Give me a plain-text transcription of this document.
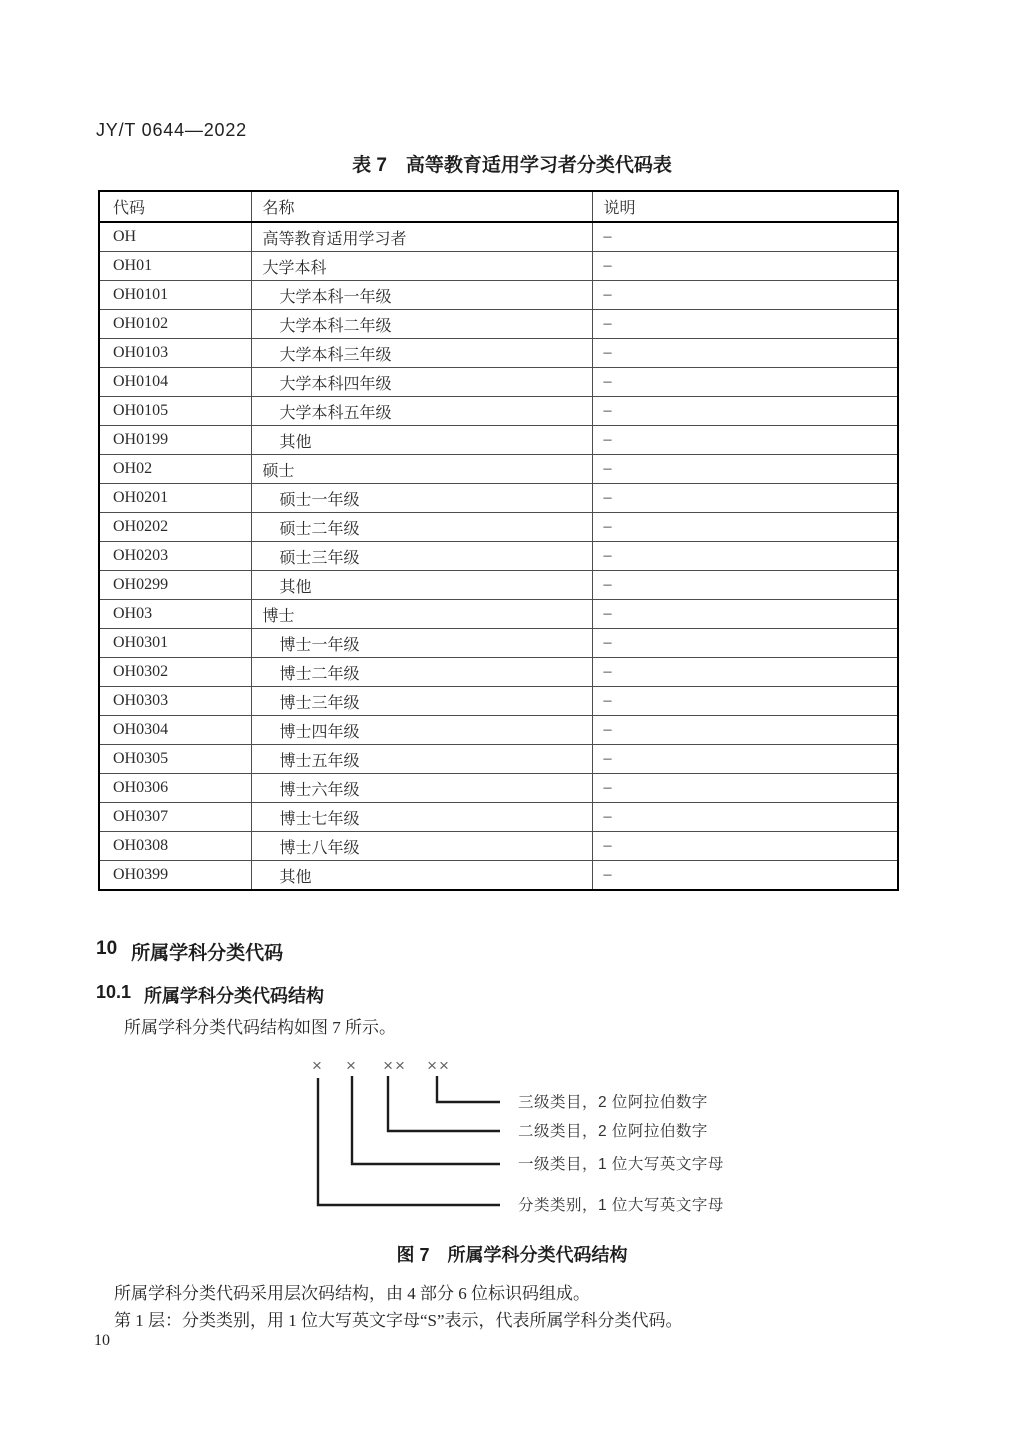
JY/T 0644—2022
表 7　高等教育适用学习者分类代码表
代码	名称	说明
OH	高等教育适用学习者	–
OH01	大学本科	–
OH0101	大学本科一年级	–
OH0102	大学本科二年级	–
OH0103	大学本科三年级	–
OH0104	大学本科四年级	–
OH0105	大学本科五年级	–
OH0199	其他	–
OH02	硕士	–
OH0201	硕士一年级	–
OH0202	硕士二年级	–
OH0203	硕士三年级	–
OH0299	其他	–
OH03	博士	–
OH0301	博士一年级	–
OH0302	博士二年级	–
OH0303	博士三年级	–
OH0304	博士四年级	–
OH0305	博士五年级	–
OH0306	博士六年级	–
OH0307	博士七年级	–
OH0308	博士八年级	–
OH0399	其他	–
10 所属学科分类代码
10.1 所属学科分类代码结构
所属学科分类代码结构如图 7 所示。
× × ×× ××
三级类目，2 位阿拉伯数字
二级类目，2 位阿拉伯数字
一级类目，1 位大写英文字母
分类类别，1 位大写英文字母
图 7　所属学科分类代码结构
所属学科分类代码采用层次码结构，由 4 部分 6 位标识码组成。
第 1 层：分类类别，用 1 位大写英文字母“S”表示，代表所属学科分类代码。
10
